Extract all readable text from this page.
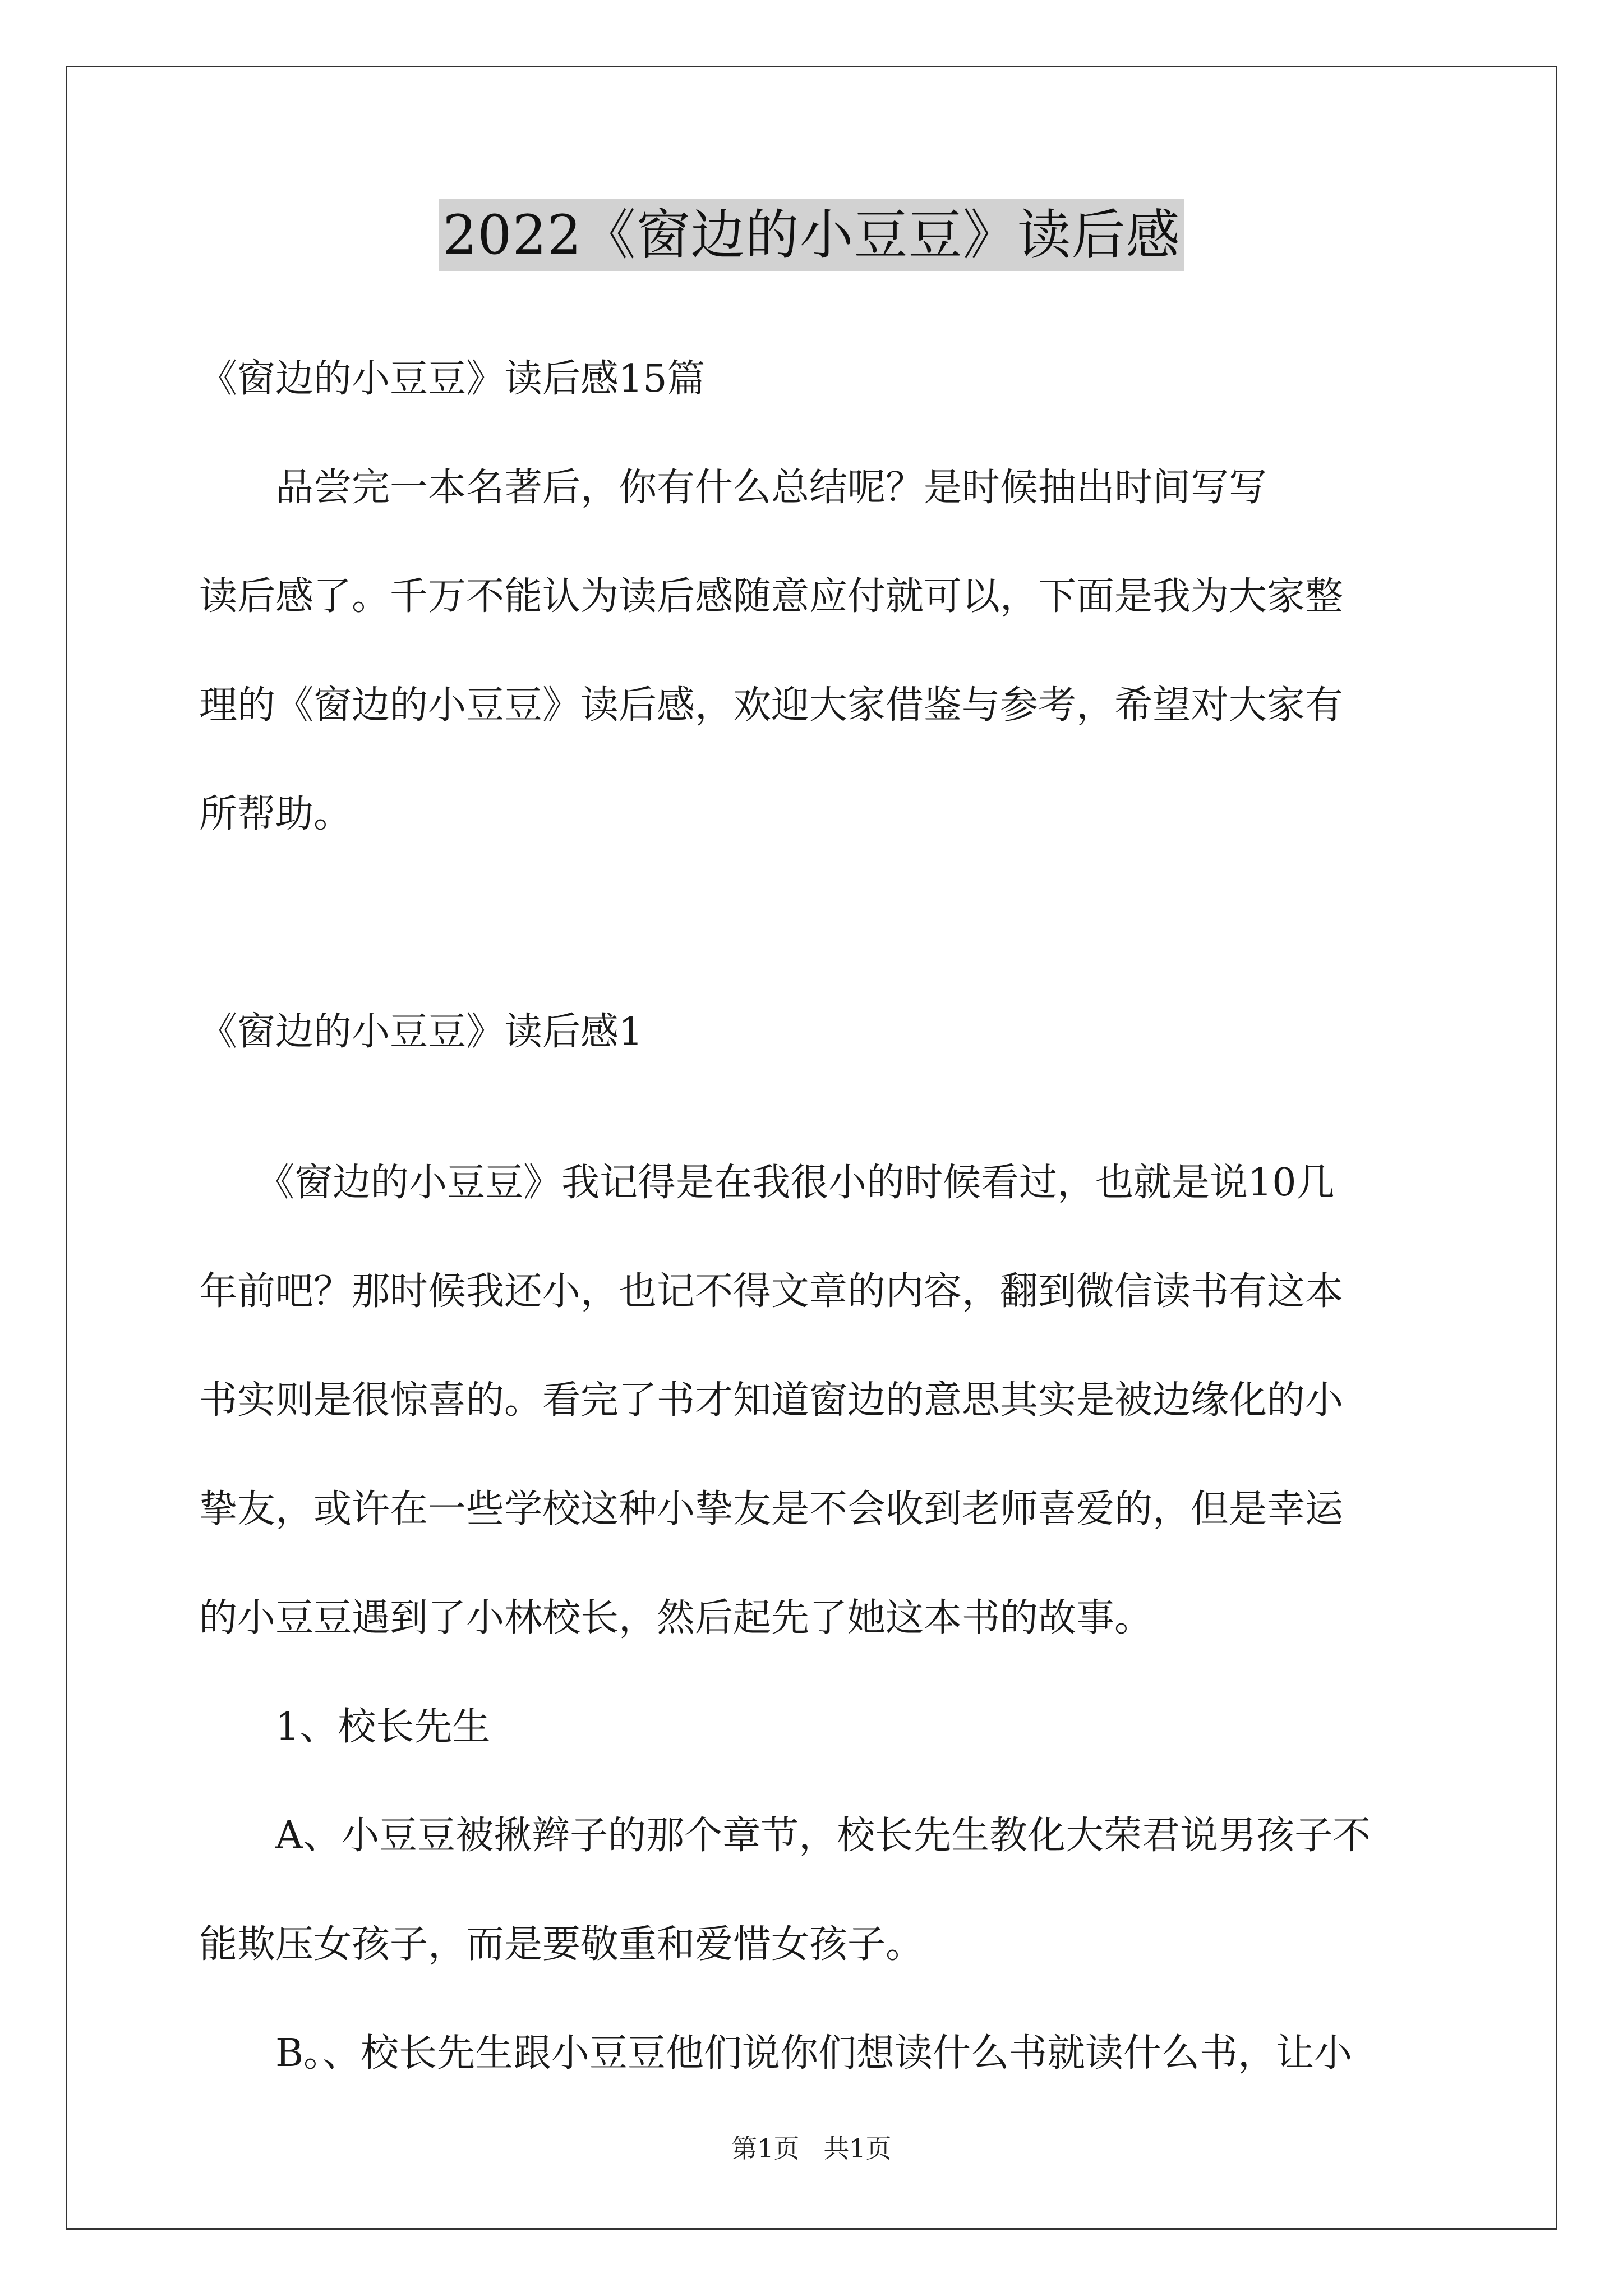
2022《窗边的小豆豆》读后感
《窗边的小豆豆》读后感15篇
　　品尝完一本名著后，你有什么总结呢？是时候抽出时间写写
读后感了。千万不能认为读后感随意应付就可以，下面是我为大家整
理的《窗边的小豆豆》读后感，欢迎大家借鉴与参考，希望对大家有
所帮助。
《窗边的小豆豆》读后感1
　　《窗边的小豆豆》我记得是在我很小的时候看过，也就是说10几
年前吧？那时候我还小，也记不得文章的内容，翻到微信读书有这本
书实则是很惊喜的。看完了书才知道窗边的意思其实是被边缘化的小
挚友，或许在一些学校这种小挚友是不会收到老师喜爱的，但是幸运
的小豆豆遇到了小林校长，然后起先了她这本书的故事。
　　1、校长先生
　　A、小豆豆被揪辫子的那个章节，校长先生教化大荣君说男孩子不
能欺压女孩子，而是要敬重和爱惜女孩子。
　　B。、校长先生跟小豆豆他们说你们想读什么书就读什么书，让小
第1页 共1页
